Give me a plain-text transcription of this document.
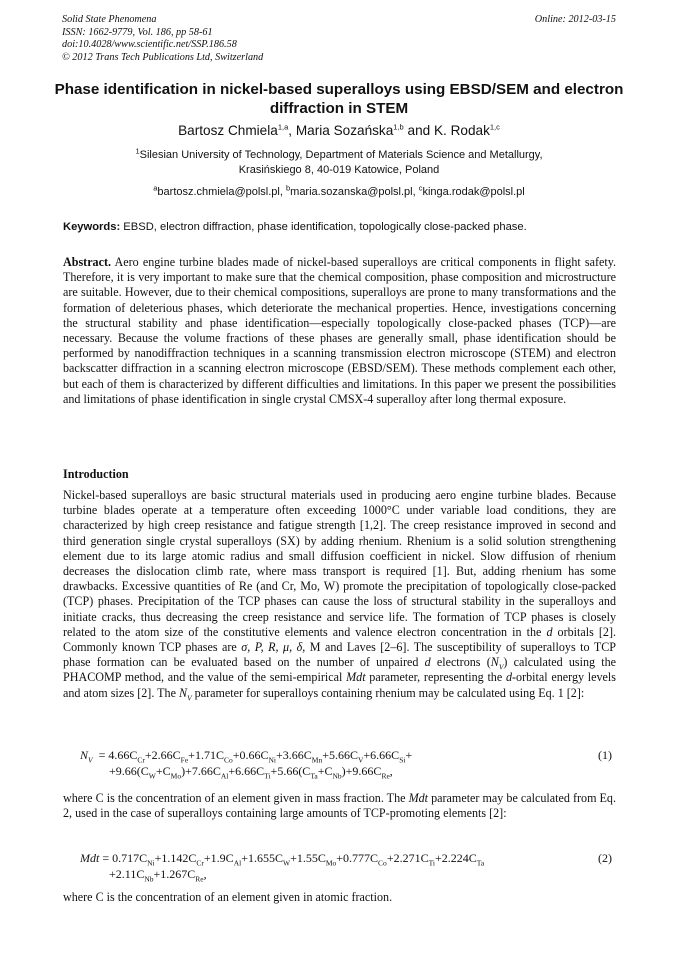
Solid State Phenomena
ISSN: 1662-9779, Vol. 186, pp 58-61
doi:10.4028/www.scientific.net/SSP.186.58
© 2012 Trans Tech Publications Ltd, Switzerland
Online: 2012-03-15
Phase identification in nickel-based superalloys using EBSD/SEM and electron diffraction in STEM
Bartosz Chmiela$^{1,a}$, Maria Sozańska$^{1,b}$ and K. Rodak$^{1,c}$
$^1$Silesian University of Technology, Department of Materials Science and Metallurgy,
Krasińskiego 8, 40-019 Katowice, Poland
$^a$bartosz.chmiela@polsl.pl, $^b$maria.sozanska@polsl.pl, $^c$kinga.rodak@polsl.pl
Keywords: EBSD, electron diffraction, phase identification, topologically close-packed phase.
Abstract. Aero engine turbine blades made of nickel-based superalloys are critical components in flight safety. Therefore, it is very important to make sure that the chemical composition, phase composition and microstructure are suitable. However, due to their chemical compositions, superalloys are prone to many transformations and the formation of deleterious phases, which deteriorate the mechanical properties. Hence, investigations concerning the structural stability and phase identification—especially topologically close-packed phases (TCP)—are necessary. Because the volume fractions of these phases are generally small, phase identification should be performed by nanodiffraction techniques in a scanning transmission electron microscope (STEM) and electron backscatter diffraction in a scanning electron microscope (EBSD/SEM). These methods complement each other, but each of them is characterized by different difficulties and limitations. In this paper we present the possibilities and limitations of phase identification in single crystal CMSX-4 superalloy after long thermal exposure.
Introduction
Nickel-based superalloys are basic structural materials used in producing aero engine turbine blades. Because turbine blades operate at a temperature often exceeding 1000°C under variable load conditions, they are characterized by high creep resistance and fatigue strength [1,2]. The creep resistance improved in second and third generation single crystal superalloys (SX) by adding rhenium. Rhenium is a solid solution strengthening element due to its large atomic radius and small diffusion coefficient in nickel. Slow diffusion of rhenium decreases the dislocation climb rate, where mass transport is required [1]. But, adding rhenium has some drawbacks. Excessive quantities of Re (and Cr, Mo, W) promote the precipitation of topologically close-packed (TCP) phases. Precipitation of the TCP phases can cause the loss of structural stability in the superalloys and initiate cracks, thus decreasing the creep resistance and service life. The formation of TCP phases is closely related to the atom size of the constitutive elements and valence electron concentration in the d orbitals [2]. Commonly known TCP phases are σ, P, R, μ, δ, M and Laves [2–6]. The susceptibility of superalloys to TCP phase formation can be evaluated based on the number of unpaired d electrons $(N_V)$ calculated using the PHACOMP method, and the value of the semi-empirical Mdt parameter, representing the d-orbital energy levels and atom sizes [2]. The $N_V$ parameter for superalloys containing rhenium may be calculated using Eq. 1 [2]:
$N_V = 4.66C_{Cr}+2.66C_{Fe}+1.71C_{Co}+0.66C_{Ni}+3.66C_{Mn}+5.66C_V+6.66C_{Si}+$
$+9.66(C_W+C_{Mo})+7.66C_{Al}+6.66C_{Ti}+5.66(C_{Ta}+C_{Nb})+9.66C_{Re}$,
(1)
where C is the concentration of an element given in mass fraction. The Mdt parameter may be calculated from Eq. 2, used in the case of superalloys containing large amounts of TCP-promoting elements [2]:
Mdt = $0.717C_{Ni}+1.142C_{Cr}+1.9C_{Al}+1.655C_W+1.55C_{Mo}+0.777C_{Co}+2.271C_{Ti}+2.224C_{Ta}$
$+2.11C_{Nb}+1.267C_{Re}$,
(2)
where C is the concentration of an element given in atomic fraction.
